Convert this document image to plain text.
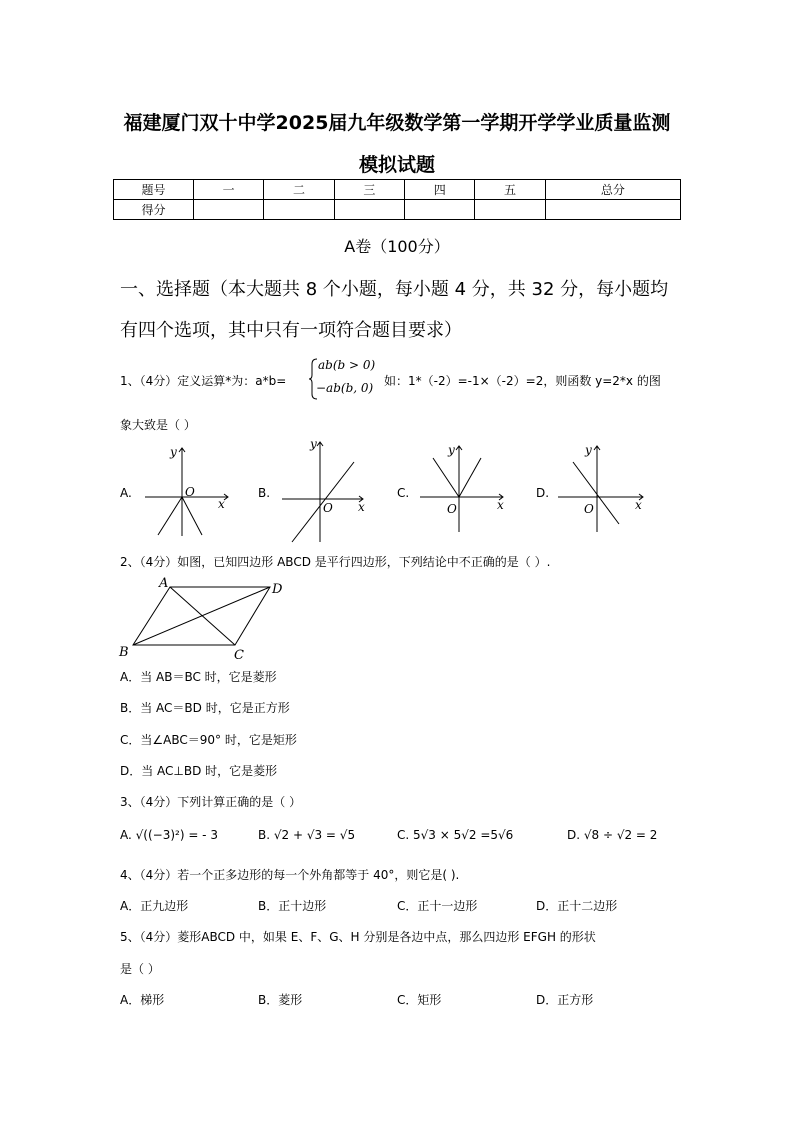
福建厦门双十中学2025届九年级数学第一学期开学学业质量监测
模拟试题
题号	一	二	三	四	五	总分
得分						
A卷（100分）
一、选择题（本大题共 8 个小题，每小题 4 分，共 32 分，每小题均
有四个选项，其中只有一项符合题目要求）
1、（4分）定义运算*为：a*b=
ab(b > 0)
−ab(b, 0) 如：1*（-2）=-1×（-2）=2，则函数 y=2*x 的图
象大致是（ ）
A.
y
O
x
B.
y
O x
C.
y
O	x
D.
y
O	x
2、（4分）如图，已知四边形 ABCD 是平行四边形，下列结论中不正确的是（ ）.
A	D
B	C
A．当 AB＝BC 时，它是菱形
B．当 AC＝BD 时，它是正方形
C．当∠ABC＝90° 时，它是矩形
D．当 AC⊥BD 时，它是菱形
3、（4分）下列计算正确的是（ ）
A. √((−3)²) = - 3	B. √2 + √3 = √5	C. 5√3 × 5√2 =5√6	D. √8 ÷ √2 = 2
4、（4分）若一个正多边形的每一个外角都等于 40°，则它是( ).
A．正九边形	B．正十边形	C．正十一边形	D．正十二边形
5、（4分）菱形ABCD 中，如果 E、F、G、H 分别是各边中点，那么四边形 EFGH 的形状
是（ ）
A．梯形	B．菱形	C．矩形	D．正方形
